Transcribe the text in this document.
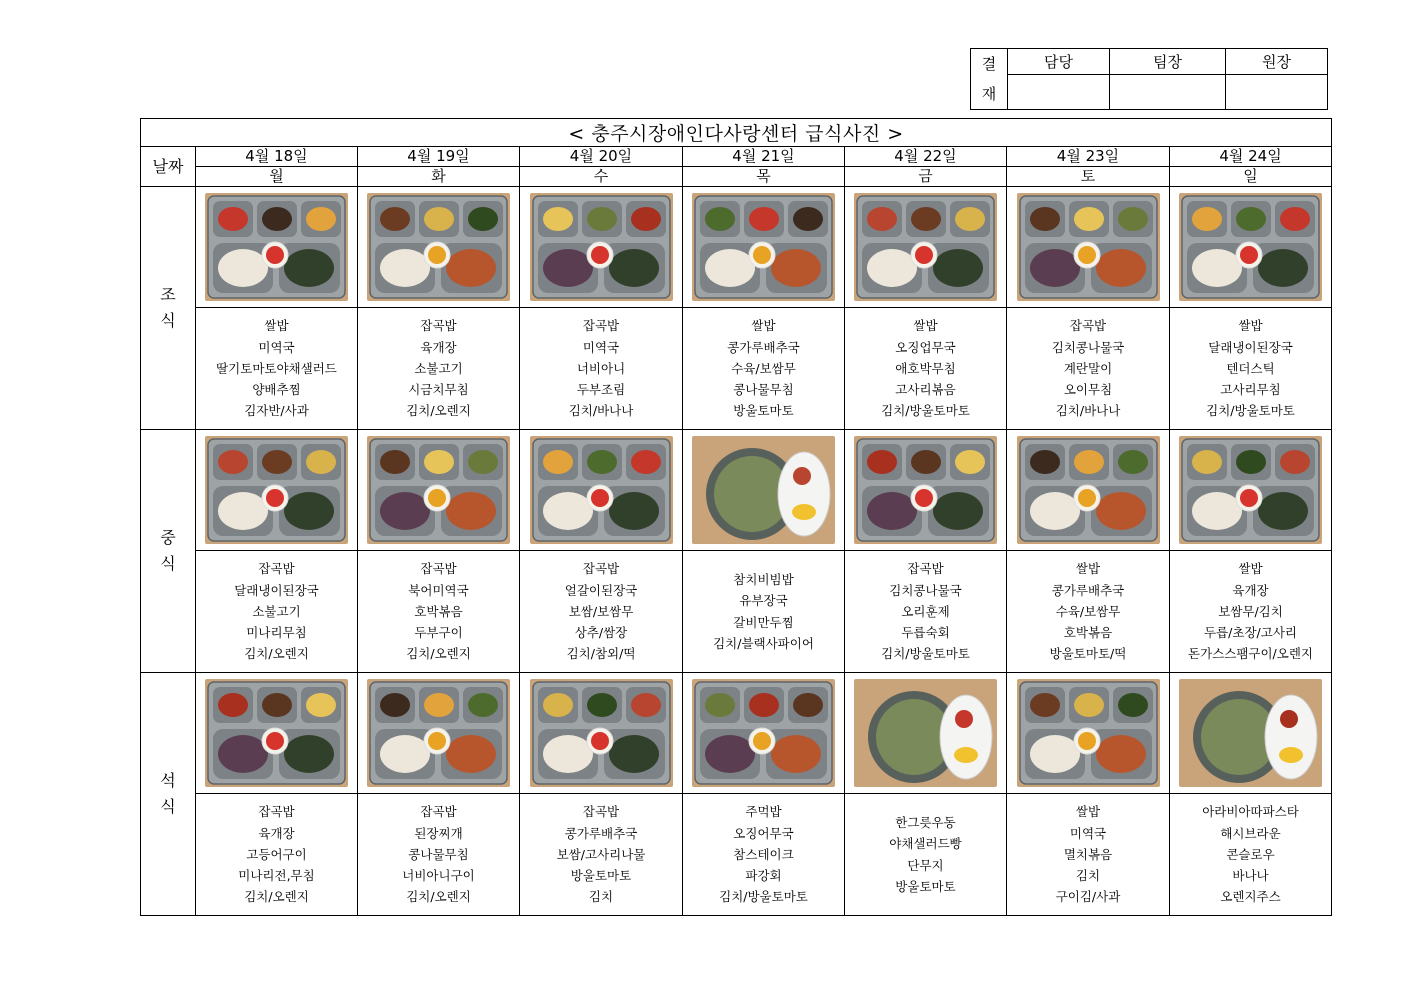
결
재	담당	팀장	원장

< 충주시장애인다사랑센터 급식사진 >							
날짜	4월 18일	4월 19일	4월 20일	4월 21일	4월 22일	4월 23일	4월 24일
	월	화	수	목	금	토	일

조
식

	쌀밥
미역국
딸기토마토야채샐러드
양배추찜
김자반/사과	잡곡밥
육개장
소불고기
시금치무침
김치/오렌지	잡곡밥
미역국
너비아니
두부조림
김치/바나나	쌀밥
콩가루배추국
수육/보쌈무
콩나물무침
방울토마토	쌀밥
오징업무국
애호박무침
고사리볶음
김치/방울토마토	잡곡밥
김치콩나물국
계란말이
오이무침
김치/바나나	쌀밥
달래냉이된장국
텐더스틱
고사리무침
김치/방울토마토

중
식

	잡곡밥
달래냉이된장국
소불고기
미나리무침
김치/오렌지	잡곡밥
북어미역국
호박볶음
두부구이
김치/오렌지	잡곡밥
얼갈이된장국
보쌈/보쌈무
상추/쌈장
김치/참외/떡	참치비빔밥
유부장국
갈비만두찜
김치/블랙사파이어	잡곡밥
김치콩나물국
오리훈제
두릅숙회
김치/방울토마토	쌀밥
콩가루배추국
수육/보쌈무
호박볶음
방울토마토/떡	쌀밥
육개장
보쌈무/김치
두릅/초장/고사리
돈가스스팸구이/오렌지

석
식

	잡곡밥
육개장
고등어구이
미나리전,무침
김치/오렌지	잡곡밥
된장찌개
콩나물무침
너비아니구이
김치/오렌지	잡곡밥
콩가루배추국
보쌈/고사리나물
방울토마토
김치	주먹밥
오징어무국
참스테이크
파강회
김치/방울토마토	한그릇우동
야채샐러드빵
단무지
방울토마토	쌀밥
미역국
멸치볶음
김치
구이김/사과	아라비아따파스타
해시브라운
콘슬로우
바나나
오렌지주스
